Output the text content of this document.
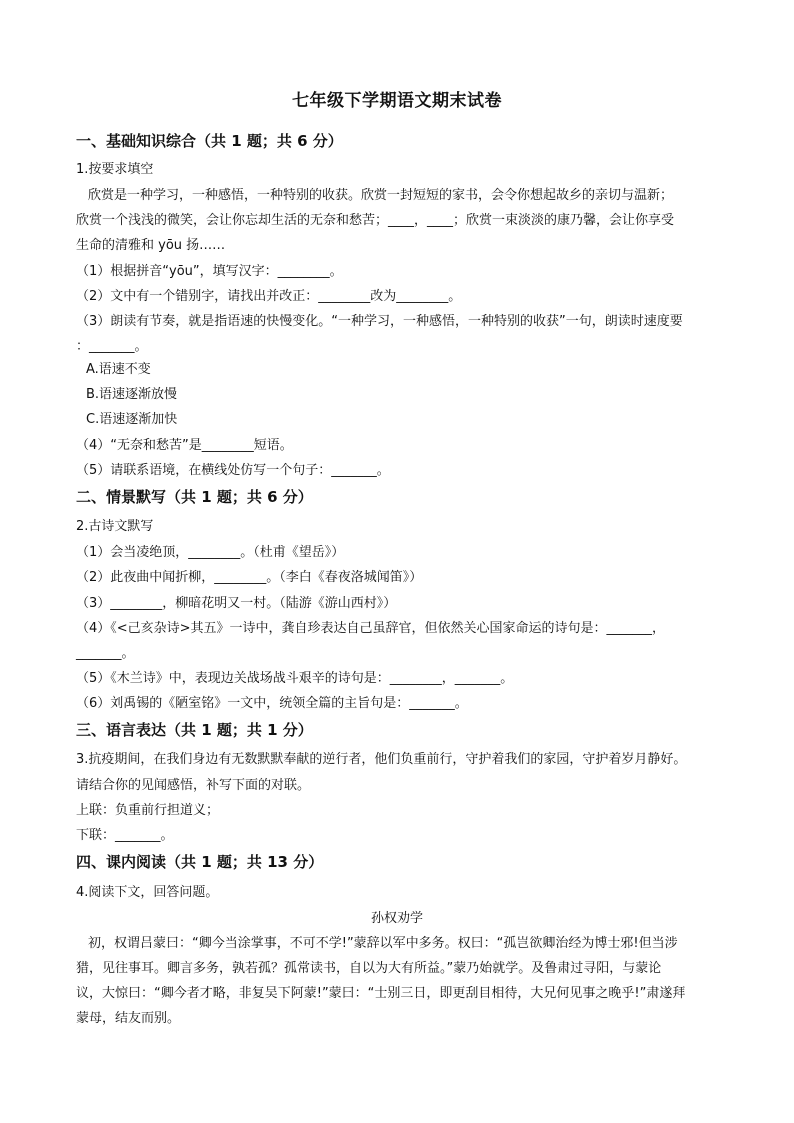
七年级下学期语文期末试卷
一、基础知识综合（共 1 题；共 6 分）
1.按要求填空
欣赏是一种学习，一种感悟，一种特别的收获。欣赏一封短短的家书，会令你想起故乡的亲切与温新；
欣赏一个浅浅的微笑，会让你忘却生活的无奈和愁苦；____，____；欣赏一束淡淡的康乃馨，会让你享受
生命的清雅和 yōu 扬……
（1）根据拼音“yōu”，填写汉字：________。
（2）文中有一个错别字，请找出并改正：________改为________。
（3）朗读有节奏，就是指语速的快慢变化。“一种学习，一种感悟，一种特别的收获”一句，朗读时速度要
：_______。
A.语速不变
B.语速逐渐放慢
C.语速逐渐加快
（4）“无奈和愁苦”是________短语。
（5）请联系语境，在横线处仿写一个句子：_______。
二、情景默写（共 1 题；共 6 分）
2.古诗文默写
（1）会当凌绝顶，________。（杜甫《望岳》）
（2）此夜曲中闻折柳，________。（李白《春夜洛城闻笛》）
（3）________，柳暗花明又一村。（陆游《游山西村》）
（4）《<己亥杂诗>其五》一诗中，龚自珍表达自己虽辞官，但依然关心国家命运的诗句是：_______，
_______。
（5）《木兰诗》中，表现边关战场战斗艰辛的诗句是：________，_______。
（6）刘禹锡的《陋室铭》一文中，统领全篇的主旨句是：_______。
三、语言表达（共 1 题；共 1 分）
3.抗疫期间，在我们身边有无数默默奉献的逆行者，他们负重前行，守护着我们的家园，守护着岁月静好。
请结合你的见闻感悟，补写下面的对联。
上联：负重前行担道义；
下联：_______。
四、课内阅读（共 1 题；共 13 分）
4.阅读下文，回答问题。
孙权劝学
初，权谓吕蒙曰：“卿今当涂掌事，不可不学!”蒙辞以军中多务。权曰：“孤岂欲卿治经为博士邪!但当涉
猎，见往事耳。卿言多务，孰若孤？孤常读书，自以为大有所益。”蒙乃始就学。及鲁肃过寻阳，与蒙论
议，大惊曰：“卿今者才略，非复吴下阿蒙!”蒙曰：“士别三日，即更刮目相待，大兄何见事之晚乎!”肃遂拜
蒙母，结友而别。
